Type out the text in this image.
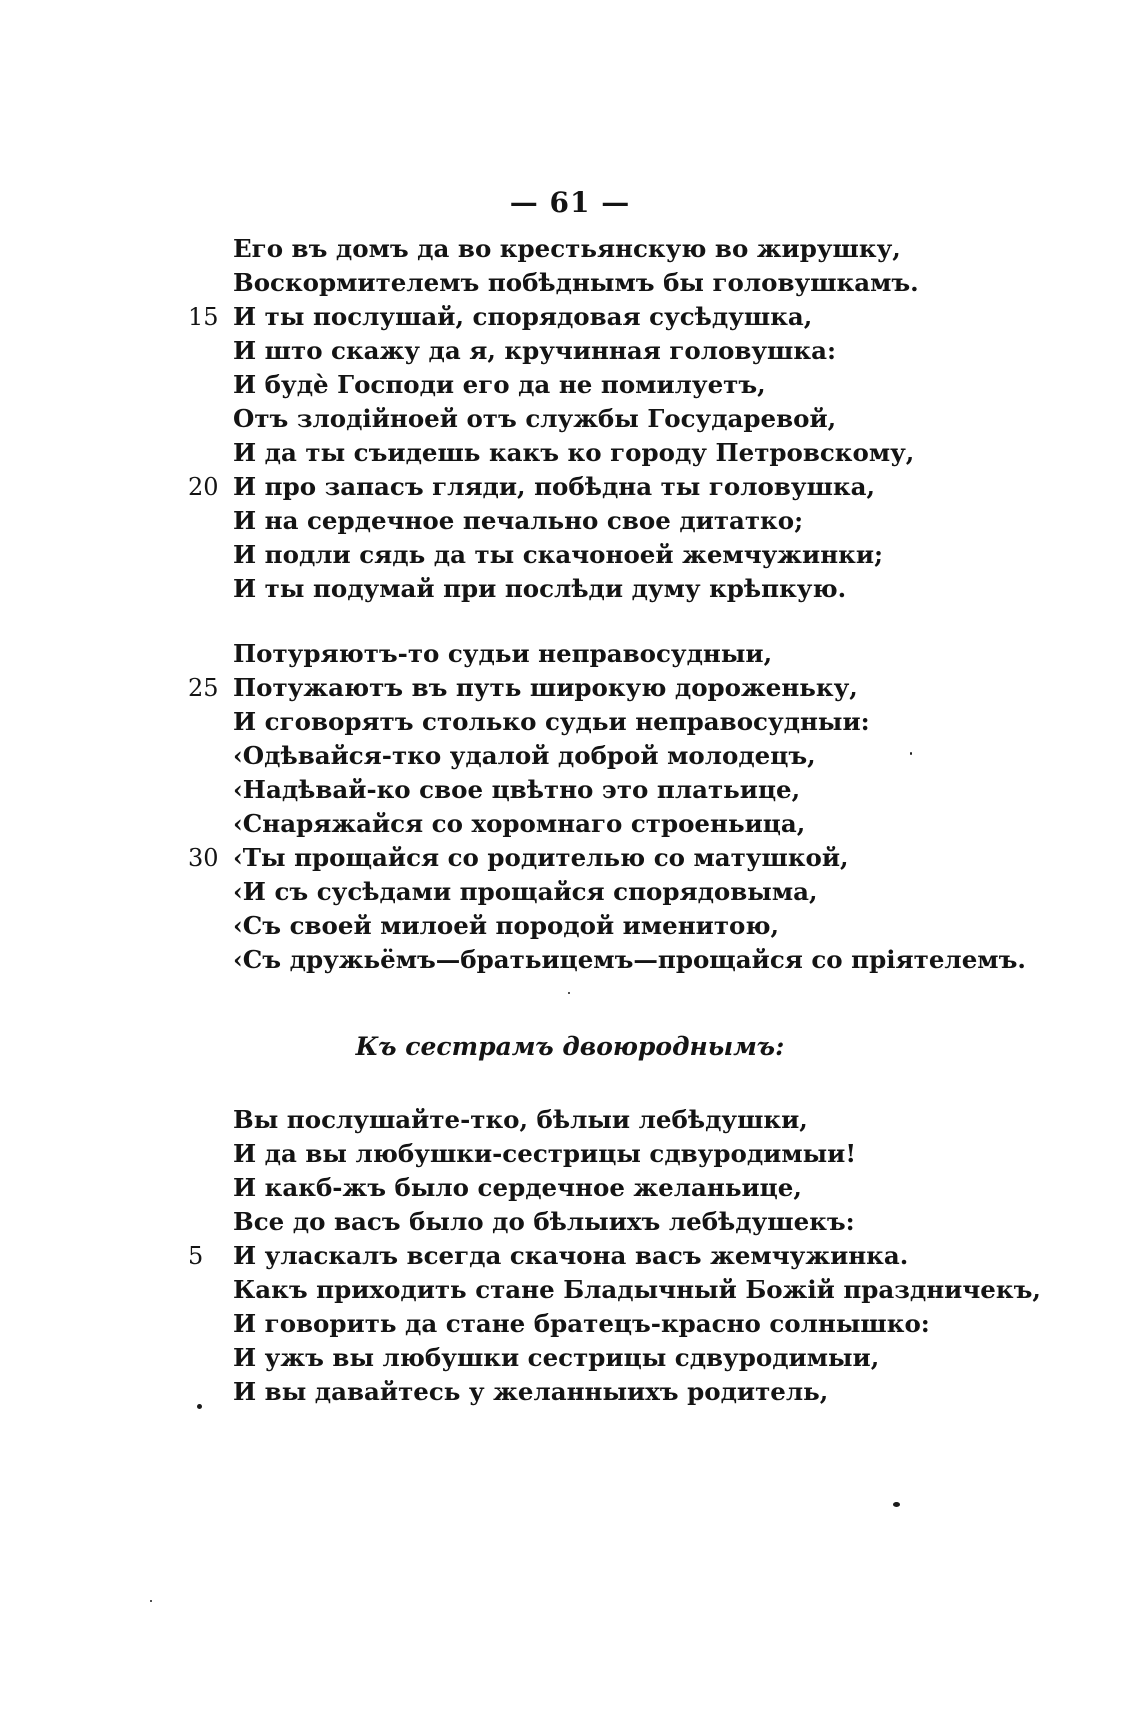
— 61 —
Его въ домъ да во крестьянскую во жирушку,
Воскормителемъ побѣднымъ бы головушкамъ.
15 И ты послушай, спорядовая сусѣдушка,
И што скажу да я, кручинная головушка:
И будѐ Господи его да не помилуетъ,
Отъ злодійноей отъ службы Государевой,
И да ты съидешь какъ ко городу Петровскому,
20 И про запасъ гляди, побѣдна ты головушка,
И на сердечное печально свое дитатко;
И подли сядь да ты скачоноей жемчужинки;
И ты подумай при послѣди думу крѣпкую.
Потуряютъ-то судьи неправосудныи,
25 Потужаютъ въ путь широкую дороженьку,
И сговорятъ столько судьи неправосудныи:
‹Одѣвайся-тко удалой доброй молодецъ,
‹Надѣвай-ко свое цвѣтно это платьице,
‹Снаряжайся со хоромнаго строеньица,
30 ‹Ты прощайся со родителью со матушкой,
‹И съ сусѣдами прощайся спорядовыма,
‹Съ своей милоей породой именитою,
‹Съ дружьёмъ—братьицемъ—прощайся со пріятелемъ.
Къ сестрамъ двоюроднымъ:
Вы послушайте-тко, бѣлыи лебѣдушки,
И да вы любушки-сестрицы сдвуродимыи!
И какб-жъ было сердечное желаньице,
Все до васъ было до бѣлыихъ лебѣдушекъ:
5	И уласкалъ всегда скачона васъ жемчужинка.
Какъ приходить стане Бладычный Божій праздничекъ,
И говорить да стане братецъ-красно солнышко:
И ужъ вы любушки сестрицы сдвуродимыи,
И вы давайтесь у желанныихъ родитель,
